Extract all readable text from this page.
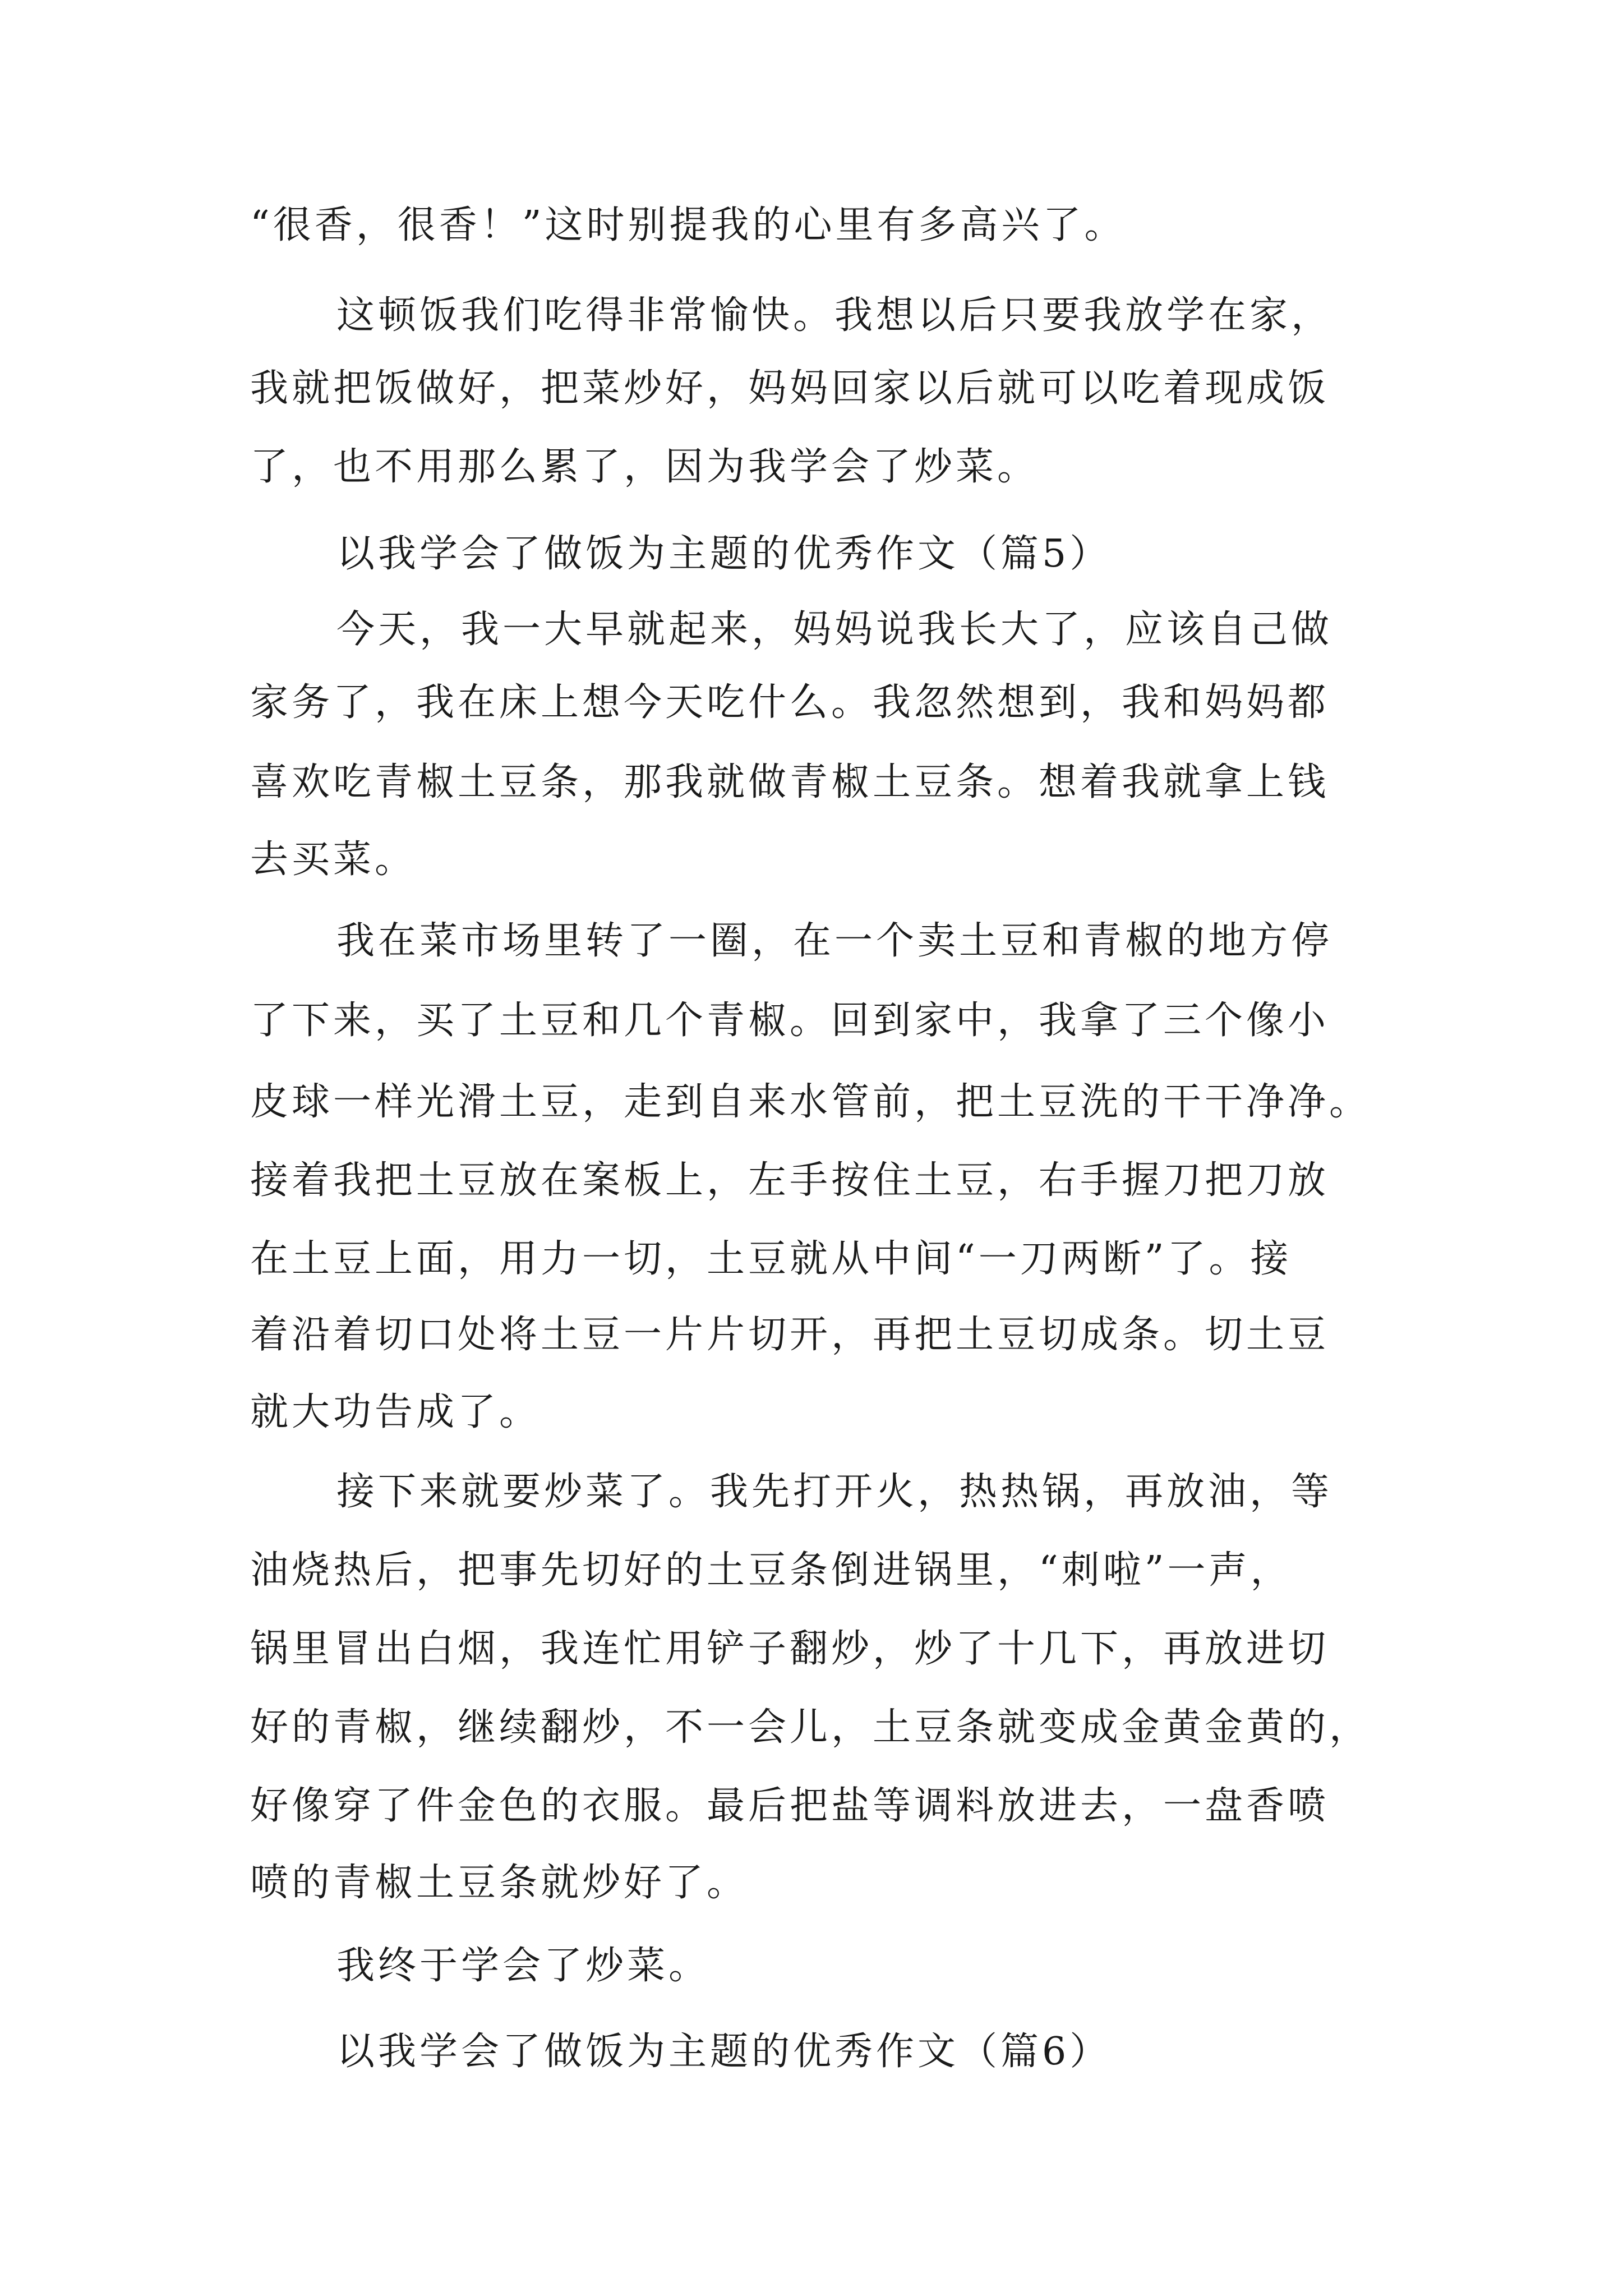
“很香，很香！”这时别提我的心里有多高兴了。
这顿饭我们吃得非常愉快。我想以后只要我放学在家，
我就把饭做好，把菜炒好，妈妈回家以后就可以吃着现成饭
了，也不用那么累了，因为我学会了炒菜。
以我学会了做饭为主题的优秀作文（篇5）
今天，我一大早就起来，妈妈说我长大了，应该自己做
家务了，我在床上想今天吃什么。我忽然想到，我和妈妈都
喜欢吃青椒土豆条，那我就做青椒土豆条。想着我就拿上钱
去买菜。
我在菜市场里转了一圈，在一个卖土豆和青椒的地方停
了下来，买了土豆和几个青椒。回到家中，我拿了三个像小
皮球一样光滑土豆，走到自来水管前，把土豆洗的干干净净。
接着我把土豆放在案板上，左手按住土豆，右手握刀把刀放
在土豆上面，用力一切，土豆就从中间“一刀两断”了。接
着沿着切口处将土豆一片片切开，再把土豆切成条。切土豆
就大功告成了。
接下来就要炒菜了。我先打开火，热热锅，再放油，等
油烧热后，把事先切好的土豆条倒进锅里，“刺啦”一声，
锅里冒出白烟，我连忙用铲子翻炒，炒了十几下，再放进切
好的青椒，继续翻炒，不一会儿，土豆条就变成金黄金黄的，
好像穿了件金色的衣服。最后把盐等调料放进去，一盘香喷
喷的青椒土豆条就炒好了。
我终于学会了炒菜。
以我学会了做饭为主题的优秀作文（篇6）
